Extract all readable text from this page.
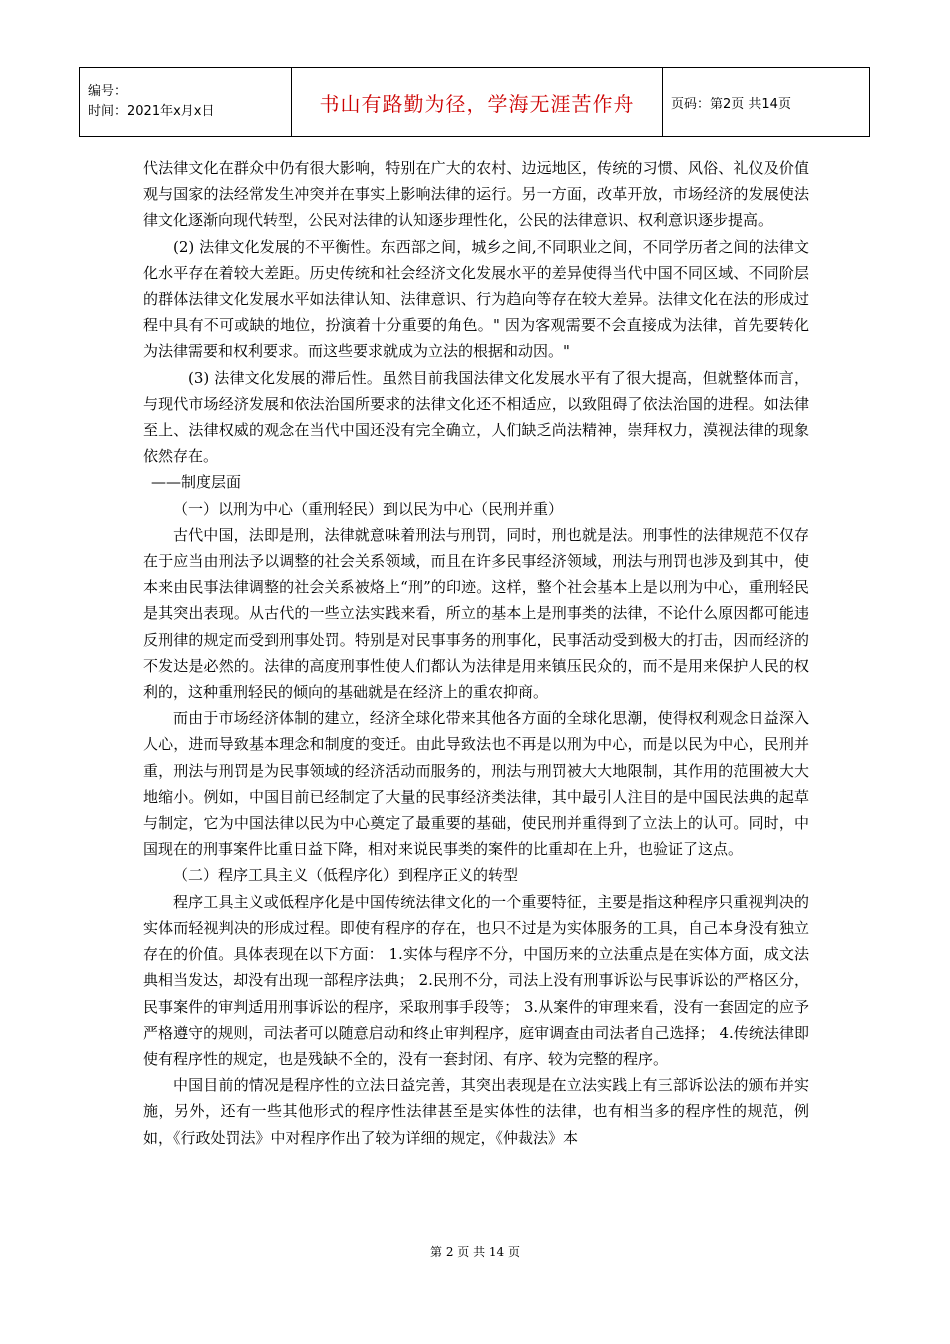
编号：
时间：2021年x月x日	书山有路勤为径，学海无涯苦作舟	页码：第2页 共14页

代法律文化在群众中仍有很大影响，特别在广大的农村、边远地区，传统的习惯、风俗、礼仪及价值观与国家的法经常发生冲突并在事实上影响法律的运行。另一方面，改革开放，市场经济的发展使法律文化逐渐向现代转型，公民对法律的认知逐步理性化，公民的法律意识、权利意识逐步提高。

(2) 法律文化发展的不平衡性。东西部之间，城乡之间,不同职业之间，不同学历者之间的法律文化水平存在着较大差距。历史传统和社会经济文化发展水平的差异使得当代中国不同区域、不同阶层的群体法律文化发展水平如法律认知、法律意识、行为趋向等存在较大差异。法律文化在法的形成过程中具有不可或缺的地位，扮演着十分重要的角色。" 因为客观需要不会直接成为法律，首先要转化为法律需要和权利要求。而这些要求就成为立法的根据和动因。"

(3) 法律文化发展的滞后性。虽然目前我国法律文化发展水平有了很大提高，但就整体而言，与现代市场经济发展和依法治国所要求的法律文化还不相适应，以致阻碍了依法治国的进程。如法律至上、法律权威的观念在当代中国还没有完全确立，人们缺乏尚法精神，崇拜权力，漠视法律的现象依然存在。

——制度层面

（一）以刑为中心（重刑轻民）到以民为中心（民刑并重）

古代中国，法即是刑，法律就意味着刑法与刑罚，同时，刑也就是法。刑事性的法律规范不仅存在于应当由刑法予以调整的社会关系领域，而且在许多民事经济领域，刑法与刑罚也涉及到其中，使本来由民事法律调整的社会关系被烙上“刑”的印迹。这样，整个社会基本上是以刑为中心，重刑轻民是其突出表现。从古代的一些立法实践来看，所立的基本上是刑事类的法律，不论什么原因都可能违反刑律的规定而受到刑事处罚。特别是对民事事务的刑事化，民事活动受到极大的打击，因而经济的不发达是必然的。法律的高度刑事性使人们都认为法律是用来镇压民众的，而不是用来保护人民的权利的，这种重刑轻民的倾向的基础就是在经济上的重农抑商。

而由于市场经济体制的建立，经济全球化带来其他各方面的全球化思潮，使得权利观念日益深入人心，进而导致基本理念和制度的变迁。由此导致法也不再是以刑为中心，而是以民为中心，民刑并重，刑法与刑罚是为民事领域的经济活动而服务的，刑法与刑罚被大大地限制，其作用的范围被大大地缩小。例如，中国目前已经制定了大量的民事经济类法律，其中最引人注目的是中国民法典的起草与制定，它为中国法律以民为中心奠定了最重要的基础，使民刑并重得到了立法上的认可。同时，中国现在的刑事案件比重日益下降，相对来说民事类的案件的比重却在上升，也验证了这点。

（二）程序工具主义（低程序化）到程序正义的转型

程序工具主义或低程序化是中国传统法律文化的一个重要特征，主要是指这种程序只重视判决的实体而轻视判决的形成过程。即使有程序的存在，也只不过是为实体服务的工具，自己本身没有独立存在的价值。具体表现在以下方面： 1.实体与程序不分，中国历来的立法重点是在实体方面，成文法典相当发达，却没有出现一部程序法典； 2.民刑不分，司法上没有刑事诉讼与民事诉讼的严格区分，民事案件的审判适用刑事诉讼的程序，采取刑事手段等； 3.从案件的审理来看，没有一套固定的应予严格遵守的规则，司法者可以随意启动和终止审判程序，庭审调查由司法者自己选择； 4.传统法律即使有程序性的规定，也是残缺不全的，没有一套封闭、有序、较为完整的程序。

中国目前的情况是程序性的立法日益完善，其突出表现是在立法实践上有三部诉讼法的颁布并实施，另外，还有一些其他形式的程序性法律甚至是实体性的法律，也有相当多的程序性的规范，例如，《行政处罚法》中对程序作出了较为详细的规定，《仲裁法》本

第 2 页 共 14 页
